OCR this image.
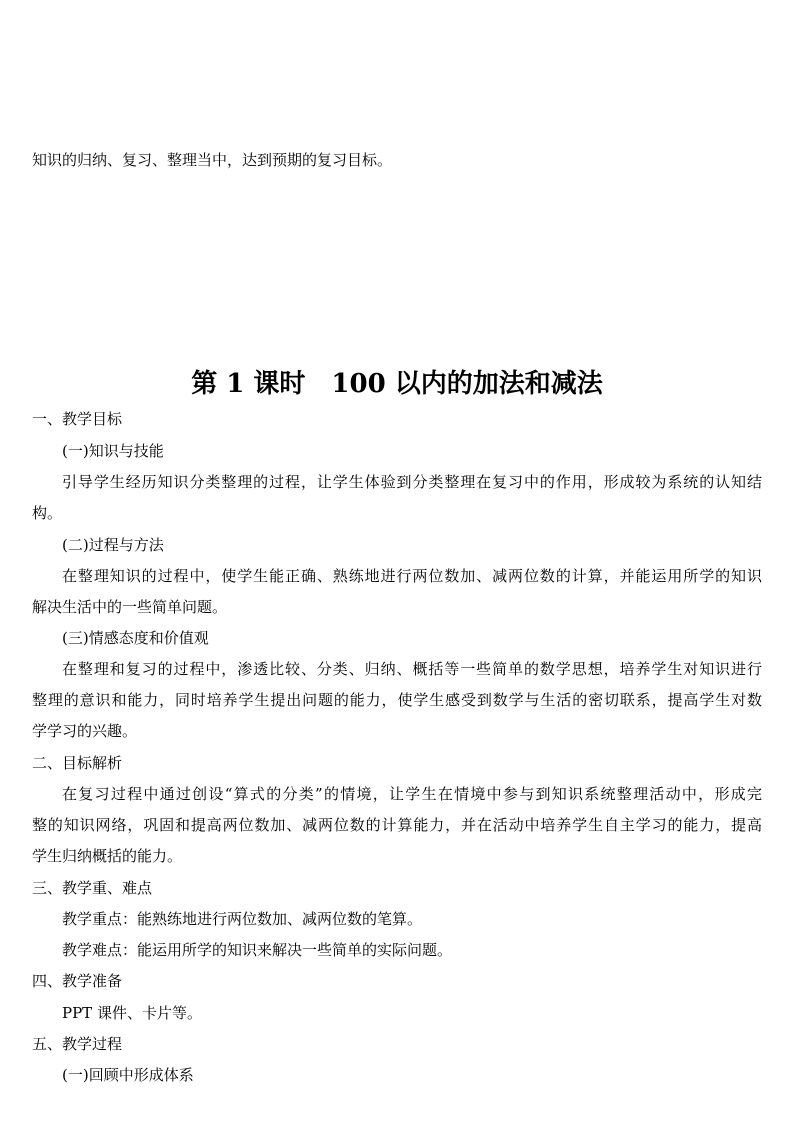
知识的归纳、复习、整理当中，达到预期的复习目标。
第 1 课时　100 以内的加法和减法
一、教学目标
(一)知识与技能
引导学生经历知识分类整理的过程，让学生体验到分类整理在复习中的作用，形成较为系统的认知结
构。
(二)过程与方法
在整理知识的过程中，使学生能正确、熟练地进行两位数加、减两位数的计算，并能运用所学的知识
解决生活中的一些简单问题。
(三)情感态度和价值观
在整理和复习的过程中，渗透比较、分类、归纳、概括等一些简单的数学思想，培养学生对知识进行
整理的意识和能力，同时培养学生提出问题的能力，使学生感受到数学与生活的密切联系，提高学生对数
学学习的兴趣。
二、目标解析
在复习过程中通过创设“算式的分类”的情境，让学生在情境中参与到知识系统整理活动中，形成完
整的知识网络，巩固和提高两位数加、减两位数的计算能力，并在活动中培养学生自主学习的能力，提高
学生归纳概括的能力。
三、教学重、难点
教学重点：能熟练地进行两位数加、减两位数的笔算。
教学难点：能运用所学的知识来解决一些简单的实际问题。
四、教学准备
PPT 课件、卡片等。
五、教学过程
(一)回顾中形成体系
